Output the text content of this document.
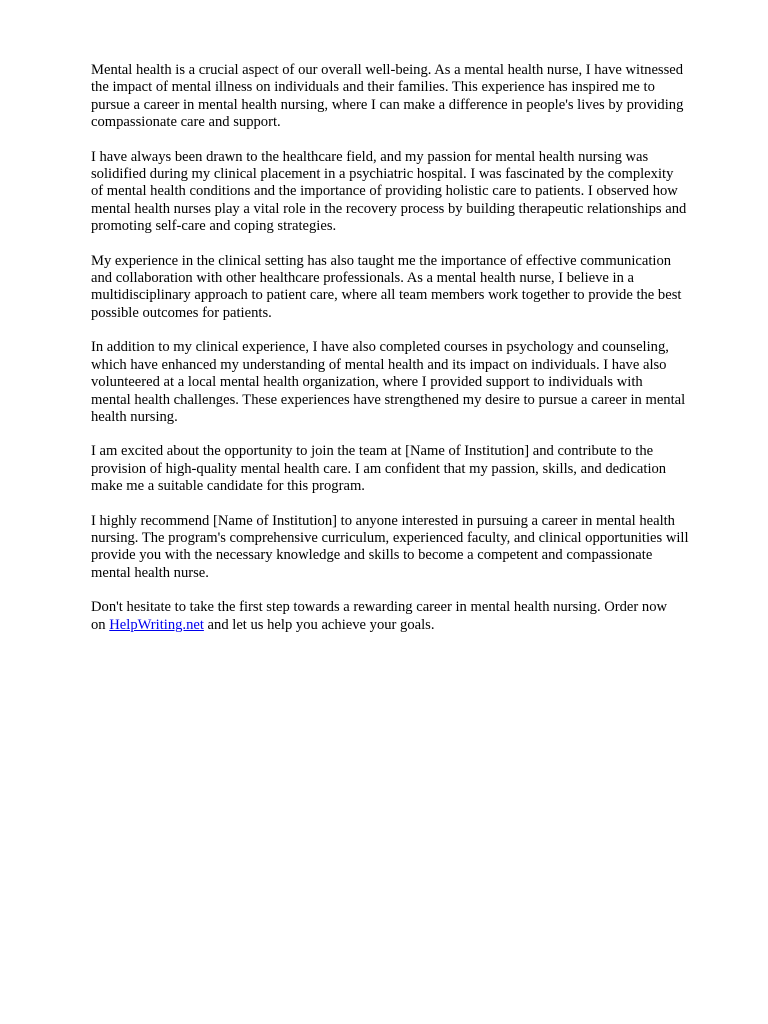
Mental health is a crucial aspect of our overall well-being. As a mental health nurse, I have witnessed
the impact of mental illness on individuals and their families. This experience has inspired me to
pursue a career in mental health nursing, where I can make a difference in people's lives by providing
compassionate care and support.

I have always been drawn to the healthcare field, and my passion for mental health nursing was
solidified during my clinical placement in a psychiatric hospital. I was fascinated by the complexity
of mental health conditions and the importance of providing holistic care to patients. I observed how
mental health nurses play a vital role in the recovery process by building therapeutic relationships and
promoting self-care and coping strategies.

My experience in the clinical setting has also taught me the importance of effective communication
and collaboration with other healthcare professionals. As a mental health nurse, I believe in a
multidisciplinary approach to patient care, where all team members work together to provide the best
possible outcomes for patients.

In addition to my clinical experience, I have also completed courses in psychology and counseling,
which have enhanced my understanding of mental health and its impact on individuals. I have also
volunteered at a local mental health organization, where I provided support to individuals with
mental health challenges. These experiences have strengthened my desire to pursue a career in mental
health nursing.

I am excited about the opportunity to join the team at [Name of Institution] and contribute to the
provision of high-quality mental health care. I am confident that my passion, skills, and dedication
make me a suitable candidate for this program.

I highly recommend [Name of Institution] to anyone interested in pursuing a career in mental health
nursing. The program's comprehensive curriculum, experienced faculty, and clinical opportunities will
provide you with the necessary knowledge and skills to become a competent and compassionate
mental health nurse.

Don't hesitate to take the first step towards a rewarding career in mental health nursing. Order now
on HelpWriting.net and let us help you achieve your goals.
